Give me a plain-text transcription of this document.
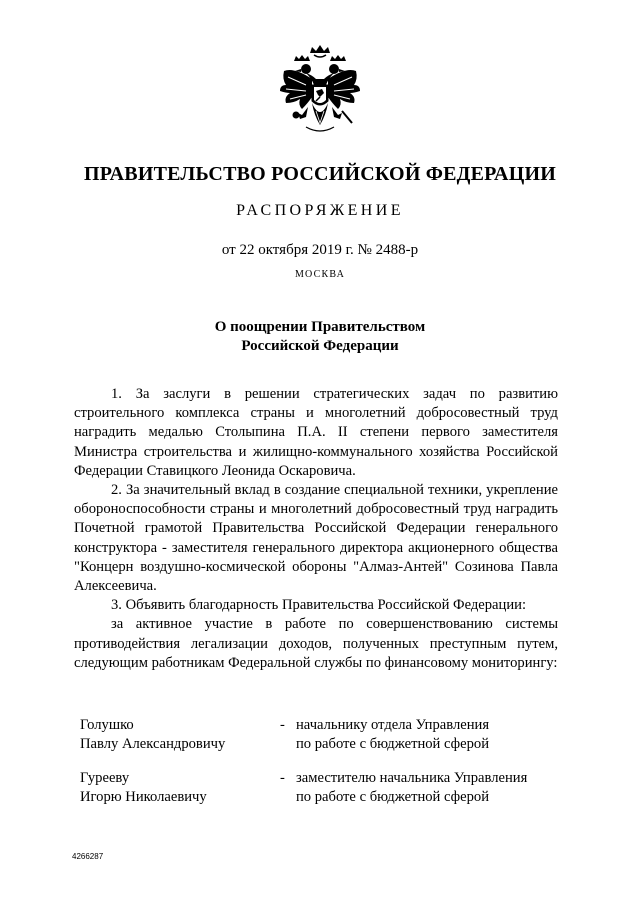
ПРАВИТЕЛЬСТВО РОССИЙСКОЙ ФЕДЕРАЦИИ
РАСПОРЯЖЕНИЕ
от 22 октября 2019 г. № 2488-р
МОСКВА
О поощрении Правительством
Российской Федерации

1. За заслуги в решении стратегических задач по развитию строительного комплекса страны и многолетний добросовестный труд наградить медалью Столыпина П.А. II степени первого заместителя Министра строительства и жилищно-коммунального хозяйства Российской Федерации Ставицкого Леонида Оскаровича.

2. За значительный вклад в создание специальной техники, укрепление обороноспособности страны и многолетний добросовестный труд наградить Почетной грамотой Правительства Российской Федерации генерального конструктора - заместителя генерального директора акционерного общества "Концерн воздушно-космической обороны "Алмаз-Антей" Созинова Павла Алексеевича.

3. Объявить благодарность Правительства Российской Федерации:

за активное участие в работе по совершенствованию системы противодействия легализации доходов, полученных преступным путем, следующим работникам Федеральной службы по финансовому мониторингу:

Голушко	- начальнику отдела Управления
Павлу Александровичу	по работе с бюджетной сферой
Гурееву	- заместителю начальника Управления
Игорю Николаевичу	по работе с бюджетной сферой
4266287
